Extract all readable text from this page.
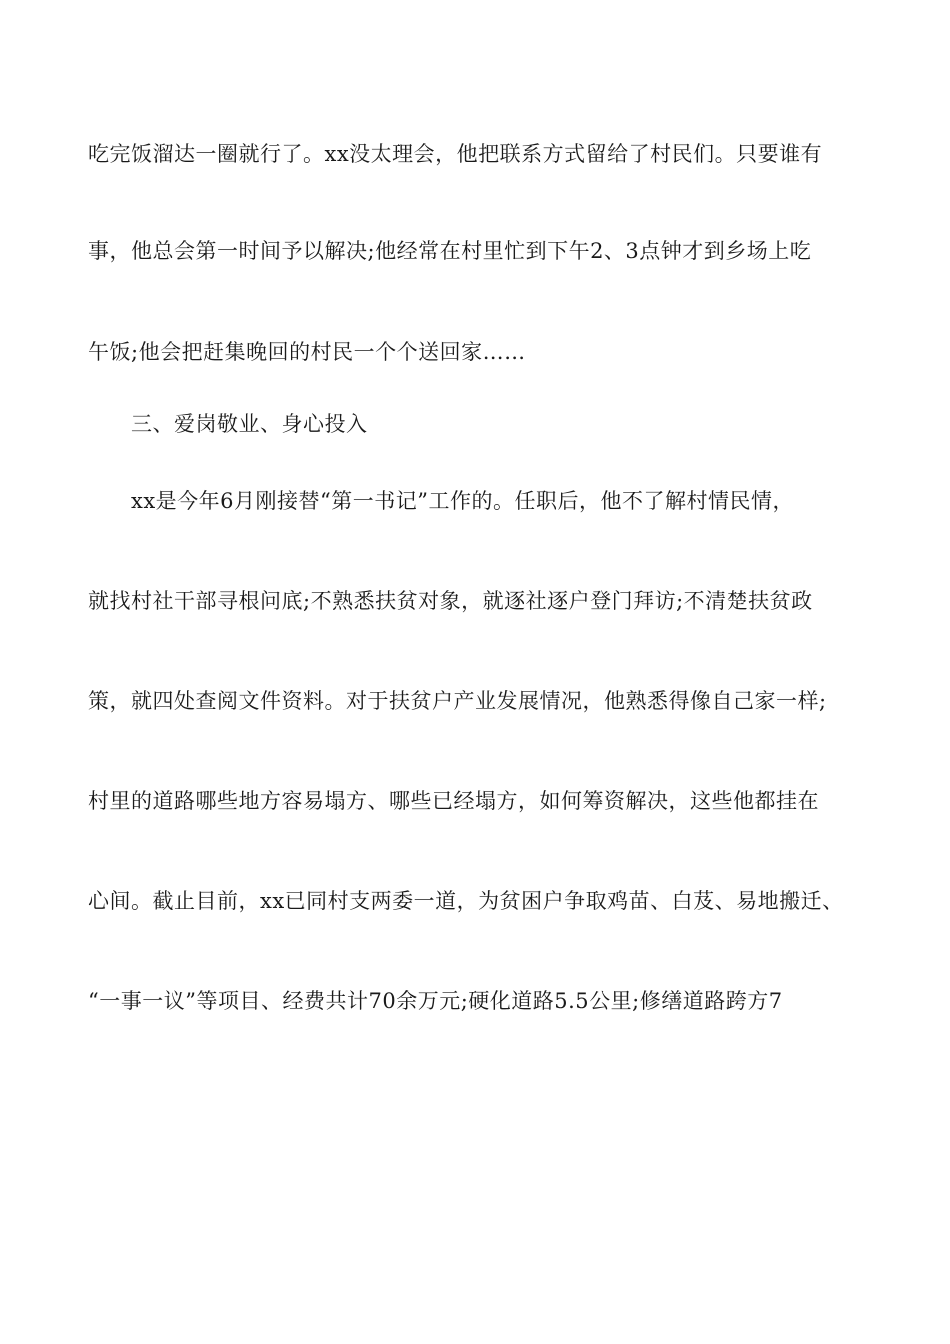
吃完饭溜达一圈就行了。xx没太理会，他把联系方式留给了村民们。只要谁有
事，他总会第一时间予以解决;他经常在村里忙到下午2、3点钟才到乡场上吃
午饭;他会把赶集晚回的村民一个个送回家……
三、爱岗敬业、身心投入
xx是今年6月刚接替“第一书记”工作的。任职后，他不了解村情民情，
就找村社干部寻根问底;不熟悉扶贫对象，就逐社逐户登门拜访;不清楚扶贫政
策，就四处查阅文件资料。对于扶贫户产业发展情况，他熟悉得像自己家一样;
村里的道路哪些地方容易塌方、哪些已经塌方，如何筹资解决，这些他都挂在
心间。截止目前，xx已同村支两委一道，为贫困户争取鸡苗、白芨、易地搬迁、
“一事一议”等项目、经费共计70余万元;硬化道路5.5公里;修缮道路跨方7
